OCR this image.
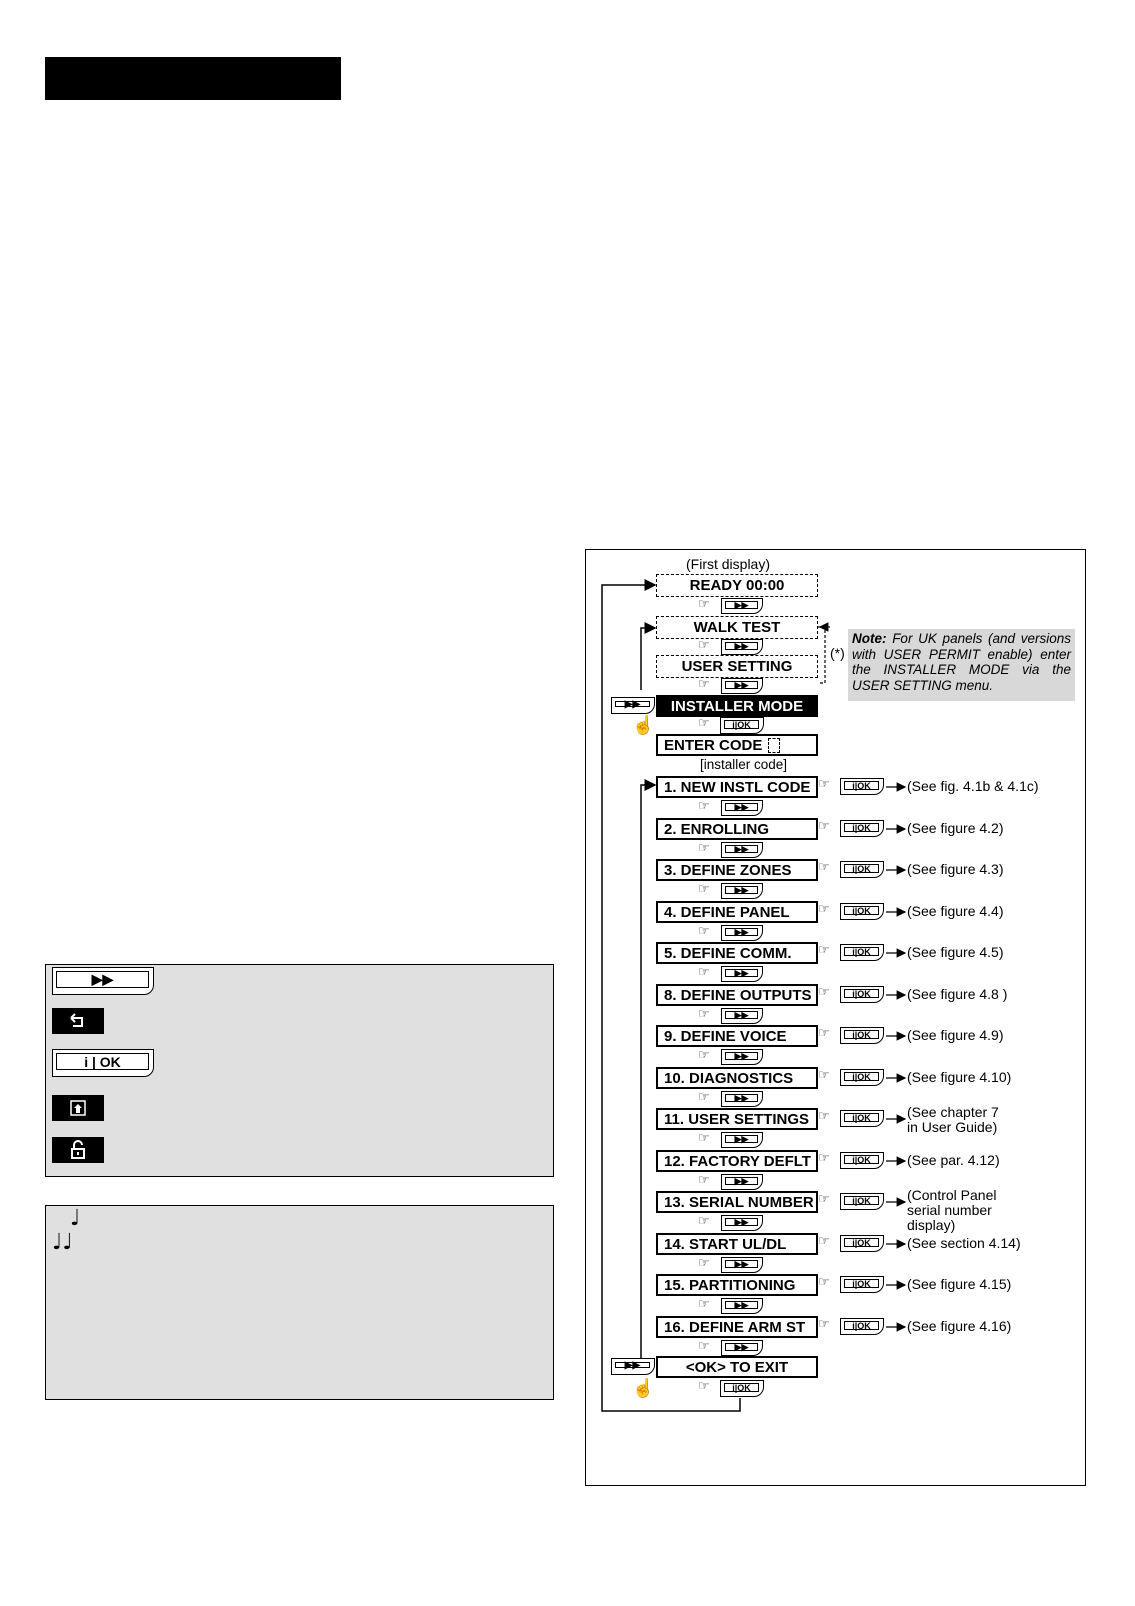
▶▶
i | OK
♩
♩♩
(First display)
READY 00:00
WALK TEST
USER SETTING
(*)
Note: For UK panels (and versions with USER PERMIT enable) enter the INSTALLER MODE via the USER SETTING menu.
INSTALLER MODE
ENTER CODE
[installer code]
▶▶
☝
▶▶
☝
<OK> TO EXIT
☞	▶▶
☞	▶▶
☞	▶▶
☞	i|OK
1. NEW INSTL CODE ☞	i|OK	(See fig. 4.1b & 4.1c)
☞	▶▶
2. ENROLLING	☞	i|OK	(See figure 4.2)
☞	▶▶
3. DEFINE ZONES	☞	i|OK	(See figure 4.3)
☞	▶▶
4. DEFINE PANEL	☞	i|OK	(See figure 4.4)
☞	▶▶
5. DEFINE COMM.	☞	i|OK	(See figure 4.5)
☞	▶▶
8. DEFINE OUTPUTS ☞	i|OK	(See figure 4.8 )
☞	▶▶
9. DEFINE VOICE	☞	i|OK	(See figure 4.9)
☞	▶▶
10. DIAGNOSTICS	☞	i|OK	(See figure 4.10)
☞	▶▶
11. USER SETTINGS ☞	i|OK	(See chapter 7
in User Guide)
☞	▶▶
12. FACTORY DEFLT ☞	i|OK	(See par. 4.12)
☞	▶▶
13. SERIAL NUMBER ☞	i|OK	(Control Panel
serial number
display)
☞	▶▶
14. START UL/DL	☞	i|OK	(See section 4.14)
☞	▶▶
15. PARTITIONING	☞	i|OK	(See figure 4.15)
☞	▶▶
16. DEFINE ARM ST ☞	i|OK	(See figure 4.16)
☞	▶▶
☞	i|OK
